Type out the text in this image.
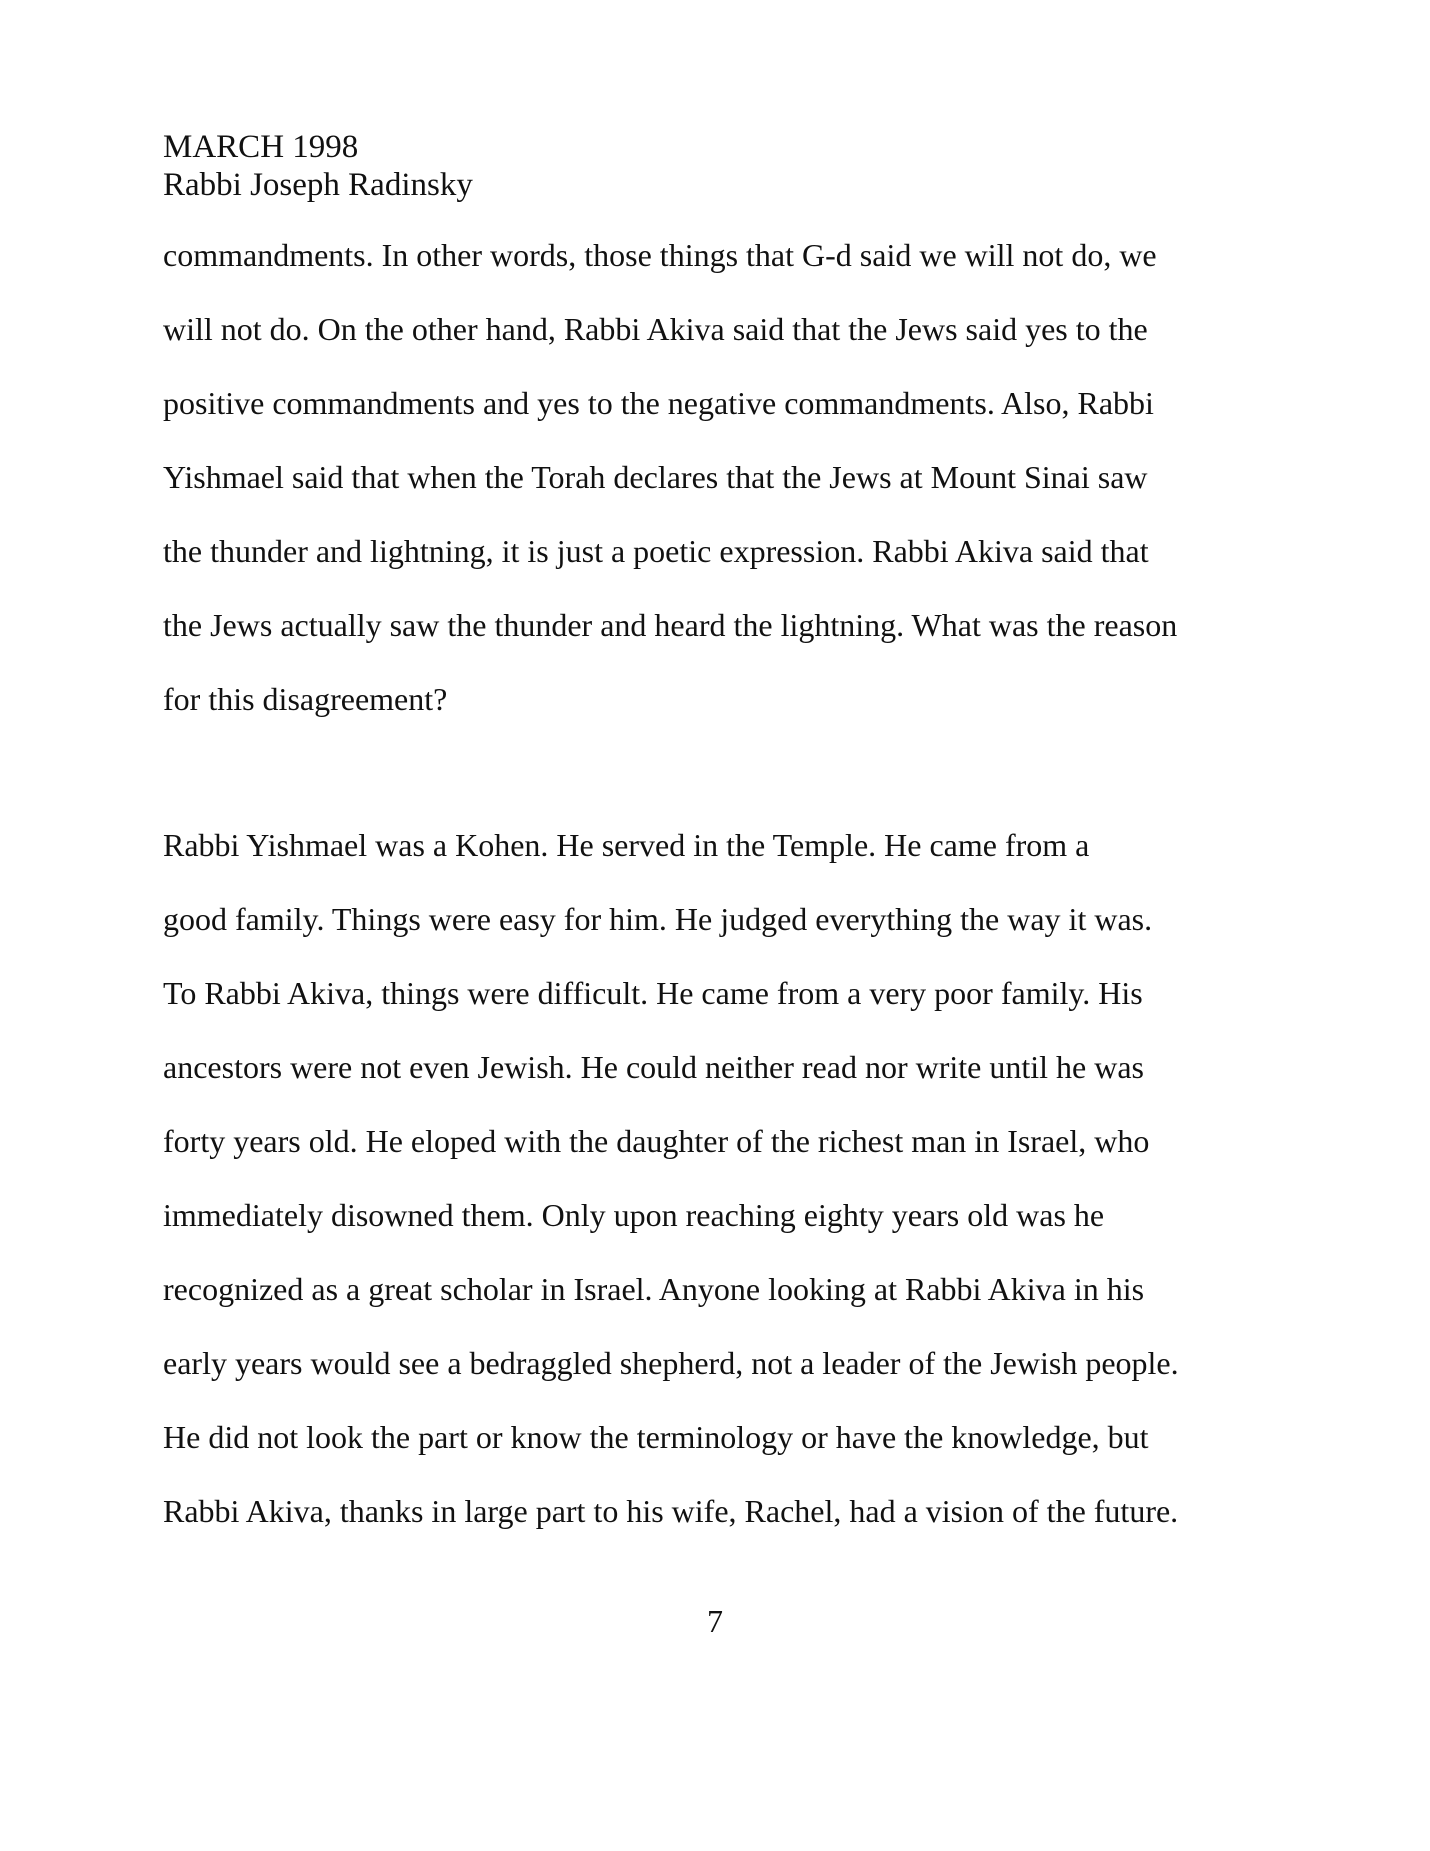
MARCH 1998
Rabbi Joseph Radinsky
commandments. In other words, those things that G-d said we will not do, we
will not do. On the other hand, Rabbi Akiva said that the Jews said yes to the
positive commandments and yes to the negative commandments. Also, Rabbi
Yishmael said that when the Torah declares that the Jews at Mount Sinai saw
the thunder and lightning, it is just a poetic expression. Rabbi Akiva said that
the Jews actually saw the thunder and heard the lightning. What was the reason
for this disagreement?
Rabbi Yishmael was a Kohen. He served in the Temple. He came from a
good family. Things were easy for him. He judged everything the way it was.
To Rabbi Akiva, things were difficult. He came from a very poor family. His
ancestors were not even Jewish. He could neither read nor write until he was
forty years old. He eloped with the daughter of the richest man in Israel, who
immediately disowned them. Only upon reaching eighty years old was he
recognized as a great scholar in Israel. Anyone looking at Rabbi Akiva in his
early years would see a bedraggled shepherd, not a leader of the Jewish people.
He did not look the part or know the terminology or have the knowledge, but
Rabbi Akiva, thanks in large part to his wife, Rachel, had a vision of the future.
7
